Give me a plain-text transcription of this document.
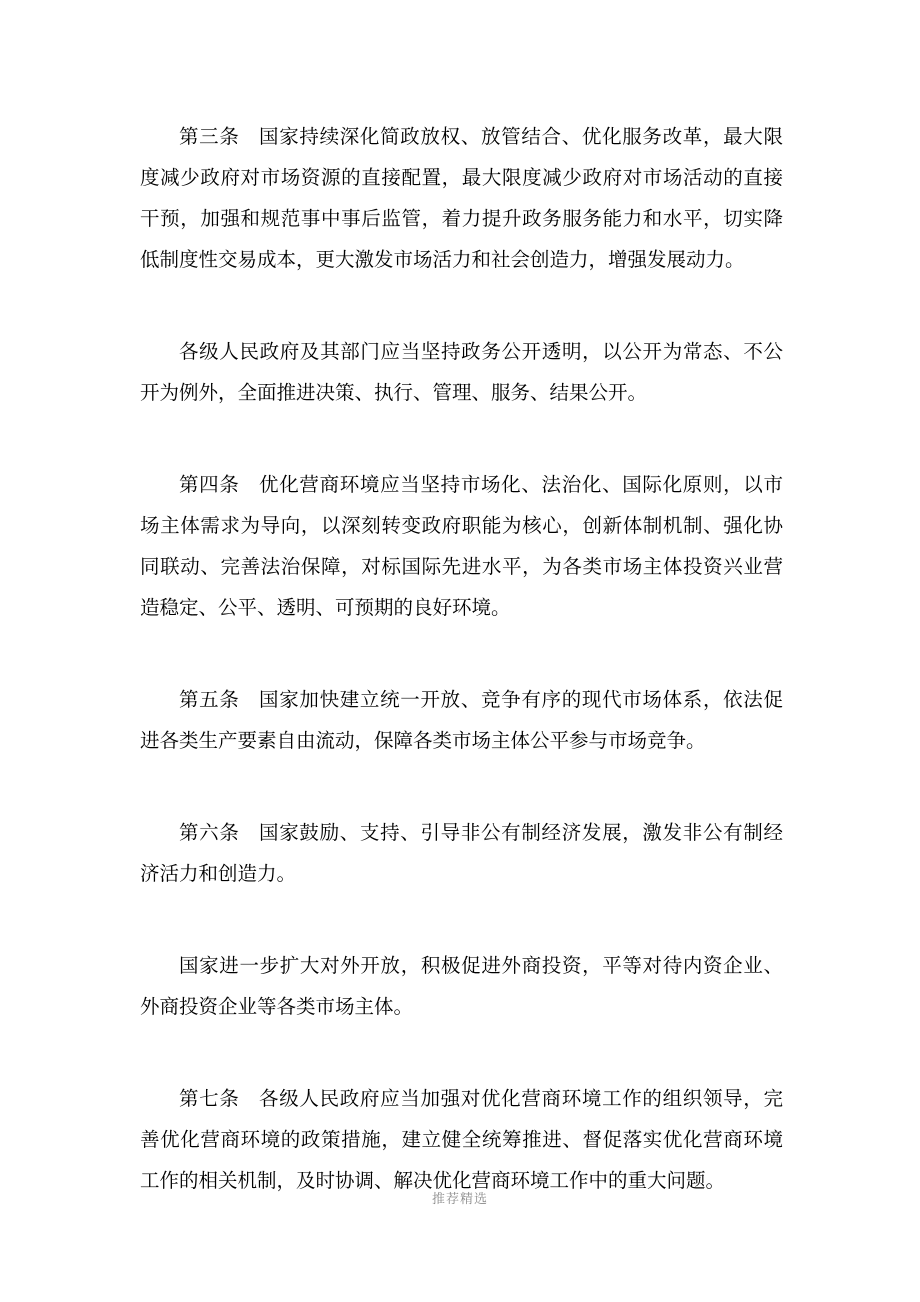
第三条 国家持续深化简政放权、放管结合、优化服务改革，最大限度减少政府对市场资源的直接配置，最大限度减少政府对市场活动的直接干预，加强和规范事中事后监管，着力提升政务服务能力和水平，切实降低制度性交易成本，更大激发市场活力和社会创造力，增强发展动力。

各级人民政府及其部门应当坚持政务公开透明，以公开为常态、不公开为例外，全面推进决策、执行、管理、服务、结果公开。

第四条 优化营商环境应当坚持市场化、法治化、国际化原则，以市场主体需求为导向，以深刻转变政府职能为核心，创新体制机制、强化协同联动、完善法治保障，对标国际先进水平，为各类市场主体投资兴业营造稳定、公平、透明、可预期的良好环境。

第五条 国家加快建立统一开放、竞争有序的现代市场体系，依法促进各类生产要素自由流动，保障各类市场主体公平参与市场竞争。

第六条 国家鼓励、支持、引导非公有制经济发展，激发非公有制经济活力和创造力。

国家进一步扩大对外开放，积极促进外商投资，平等对待内资企业、外商投资企业等各类市场主体。

第七条 各级人民政府应当加强对优化营商环境工作的组织领导，完善优化营商环境的政策措施，建立健全统筹推进、督促落实优化营商环境工作的相关机制，及时协调、解决优化营商环境工作中的重大问题。

推荐精选
